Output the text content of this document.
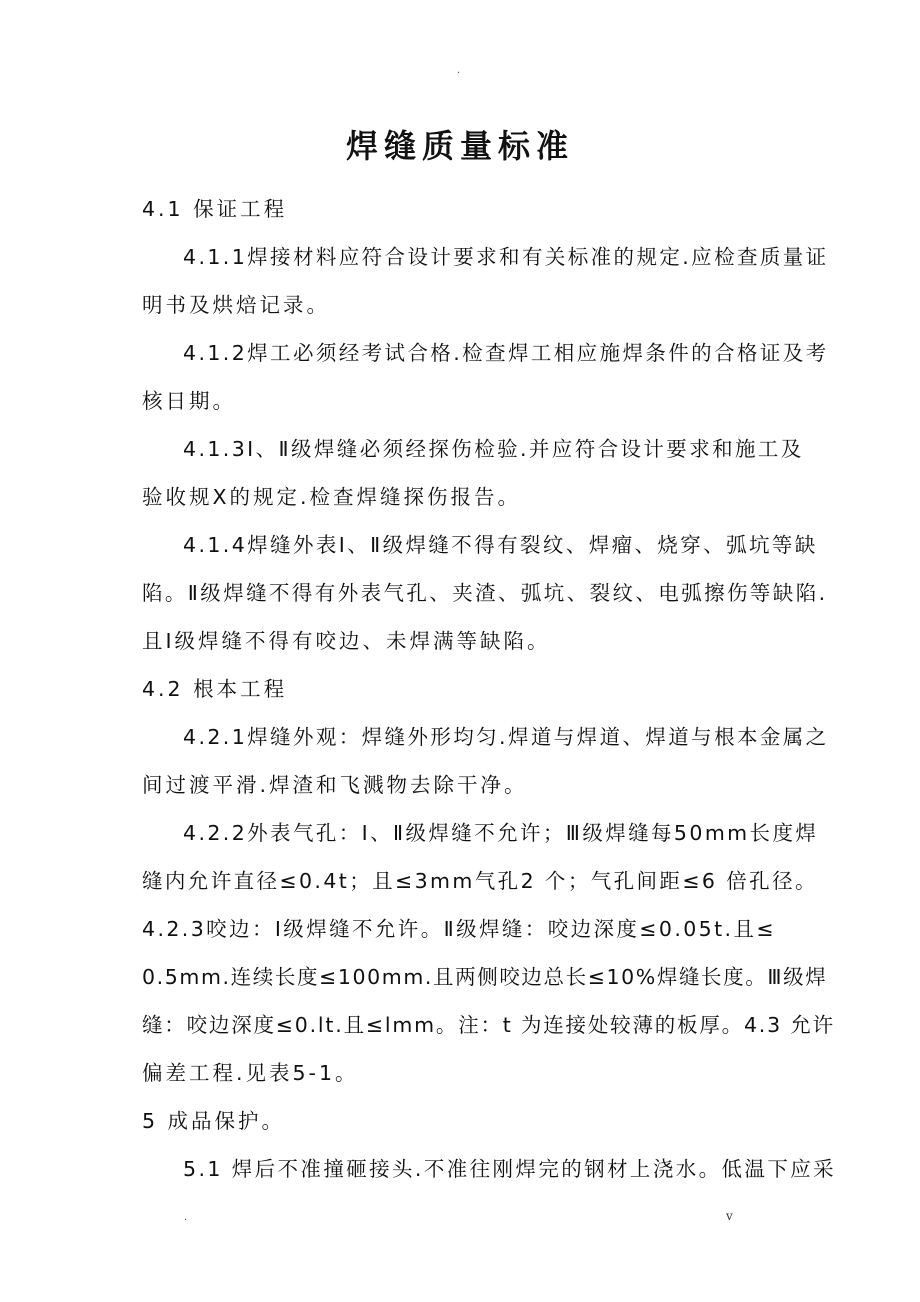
.
焊缝质量标准
4.1 保证工程
4.1.1焊接材料应符合设计要求和有关标准的规定.应检查质量证
明书及烘焙记录。
4.1.2焊工必须经考试合格.检查焊工相应施焊条件的合格证及考
核日期。
4.1.3Ⅰ、Ⅱ级焊缝必须经探伤检验.并应符合设计要求和施工及
验收规X的规定.检查焊缝探伤报告。
4.1.4焊缝外表Ⅰ、Ⅱ级焊缝不得有裂纹、焊瘤、烧穿、弧坑等缺
陷。Ⅱ级焊缝不得有外表气孔、夹渣、弧坑、裂纹、电弧擦伤等缺陷.
且Ⅰ级焊缝不得有咬边、未焊满等缺陷。
4.2 根本工程
4.2.1焊缝外观：焊缝外形均匀.焊道与焊道、焊道与根本金属之
间过渡平滑.焊渣和飞溅物去除干净。
4.2.2外表气孔：Ⅰ、Ⅱ级焊缝不允许；Ⅲ级焊缝每50mm长度焊
缝内允许直径≤0.4t；且≤3mm气孔2 个；气孔间距≤6 倍孔径。
4.2.3咬边：Ⅰ级焊缝不允许。Ⅱ级焊缝：咬边深度≤0.05t.且≤
0.5mm.连续长度≤100mm.且两侧咬边总长≤10%焊缝长度。Ⅲ级焊
缝：咬边深度≤0.lt.且≤lmm。注：t 为连接处较薄的板厚。4.3 允许
偏差工程.见表5-1。
5 成品保护。
5.1 焊后不准撞砸接头.不准往刚焊完的钢材上浇水。低温下应采
.	v
